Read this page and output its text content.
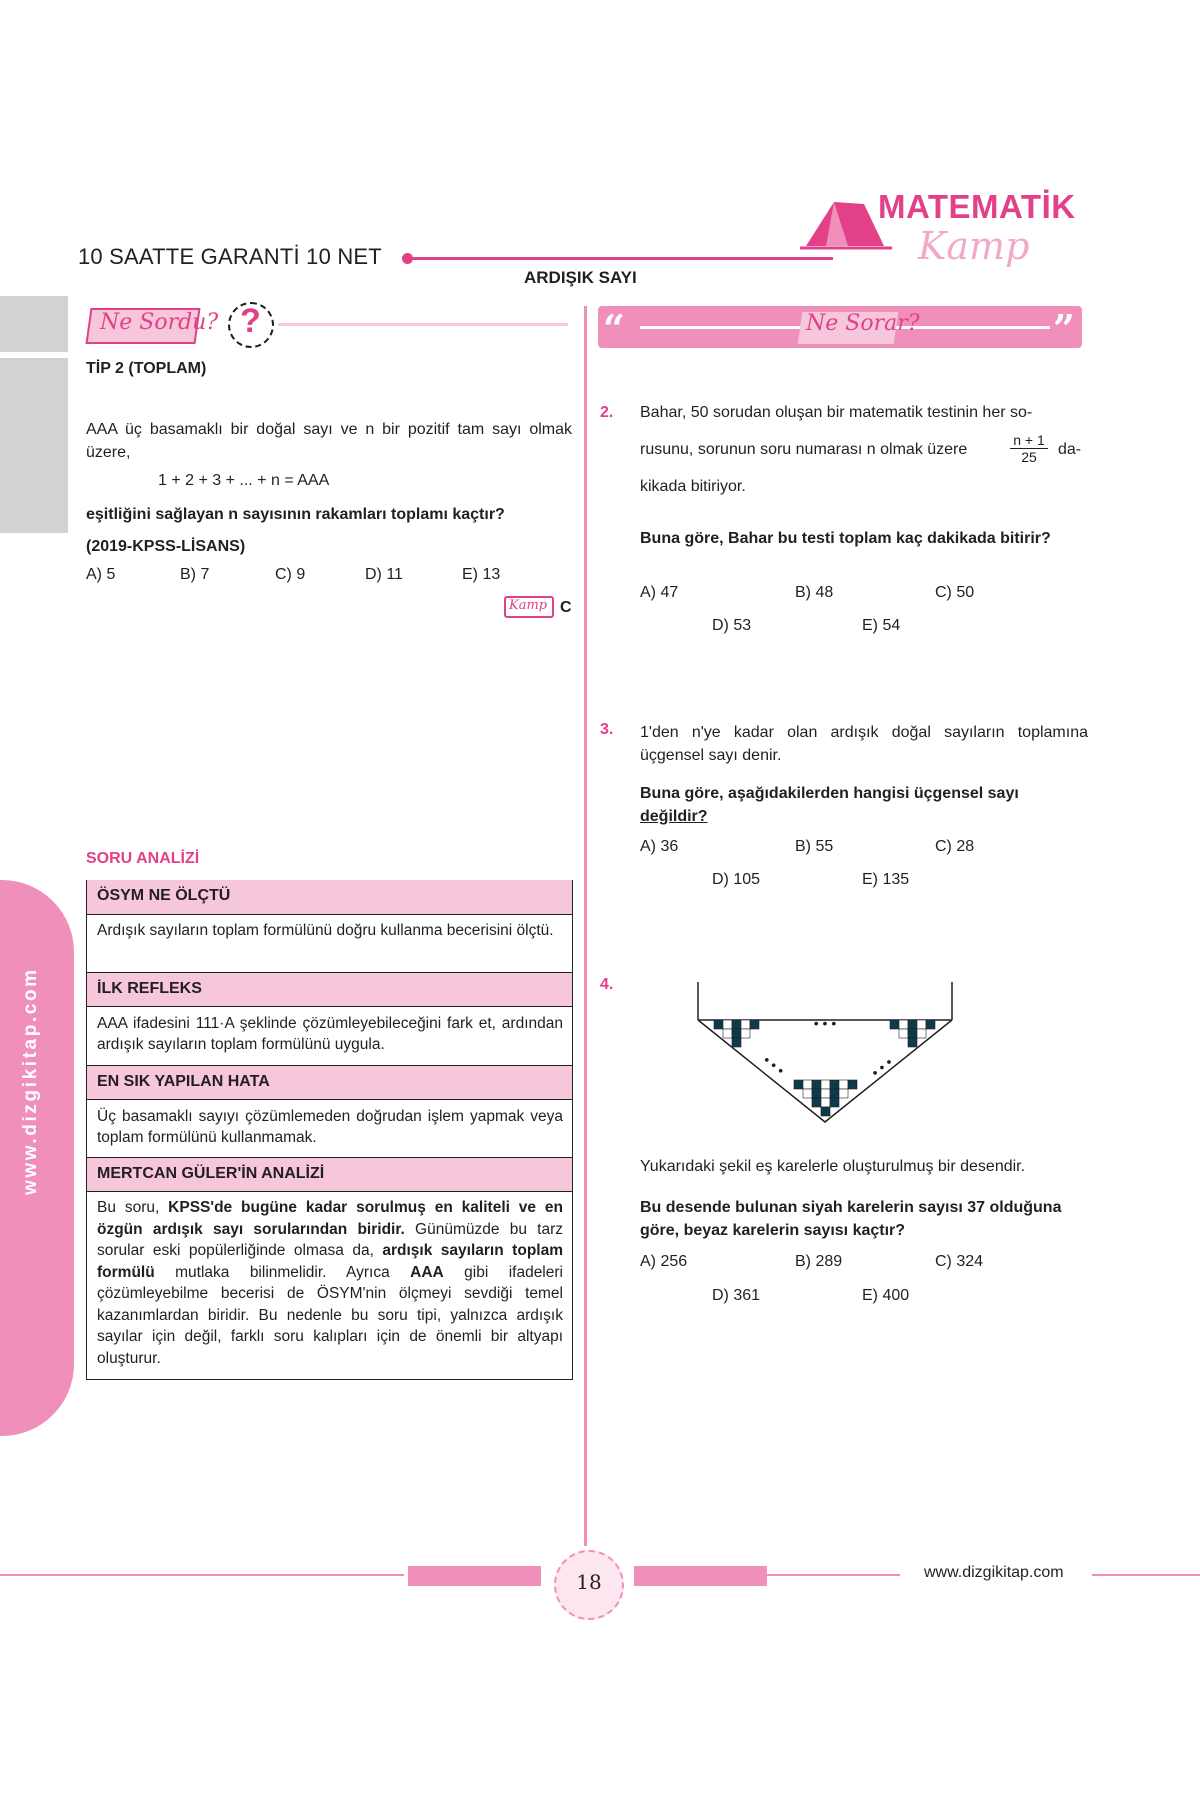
10 SAATTE GARANTİ 10 NET
ARDIŞIK SAYI
MATEMATİK
Kamp
www.dizgikitap.com
Ne Sordu? ?	“	”
Ne Sorar?
TİP 2 (TOPLAM)
AAA üç basamaklı bir doğal sayı ve n bir pozitif tam sayı olmak üzere,
1 + 2 + 3 + ... + n = AAA
eşitliğini sağlayan n sayısının rakamları toplamı kaçtır?
(2019-KPSS-LİSANS)
A) 5	B) 7	C) 9	D) 11	E) 13
Kamp C
SORU ANALİZİ
ÖSYM NE ÖLÇTÜ
Ardışık sayıların toplam formülünü doğru kullanma becerisini ölçtü.
İLK REFLEKS
AAA ifadesini 111·A şeklinde çözümleyebileceğini fark et, ardından ardışık sayıların toplam formülünü uygula.
EN SIK YAPILAN HATA
Üç basamaklı sayıyı çözümlemeden doğrudan işlem yapmak veya toplam formülünü kullanmamak.
MERTCAN GÜLER'İN ANALİZİ
Bu soru, KPSS'de bugüne kadar sorulmuş en kaliteli ve en özgün ardışık sayı sorularından biridir. Günümüzde bu tarz sorular eski popülerliğinde olmasa da, ardışık sayıların toplam formülü mutlaka bilinmelidir. Ayrıca AAA gibi ifadeleri çözümleyebilme becerisi de ÖSYM'nin ölçmeyi sevdiği temel kazanımlardan biridir. Bu nedenle bu soru tipi, yalnızca ardışık sayılar için değil, farklı soru kalıpları için de önemli bir altyapı oluşturur.
2. Bahar, 50 sorudan oluşan bir matematik testinin her so-
rusunu, sorunun soru numarası n olmak üzere	$\frac{n + 1}{25} da-$
kikada bitiriyor.
Buna göre, Bahar bu testi toplam kaç dakikada bitirir?
A) 47	B) 48	C) 50
D) 53	E) 54
3. 1'den n'ye kadar olan ardışık doğal sayıların toplamına üçgensel sayı denir.
Buna göre, aşağıdakilerden hangisi üçgensel sayı değildir?
A) 36	B) 55	C) 28
D) 105	E) 135
4.
• • •
• • •	• • •
Yukarıdaki şekil eş karelerle oluşturulmuş bir desendir.
Bu desende bulunan siyah karelerin sayısı 37 olduğuna göre, beyaz karelerin sayısı kaçtır?
A) 256	B) 289	C) 324
D) 361	E) 400
18	www.dizgikitap.com
